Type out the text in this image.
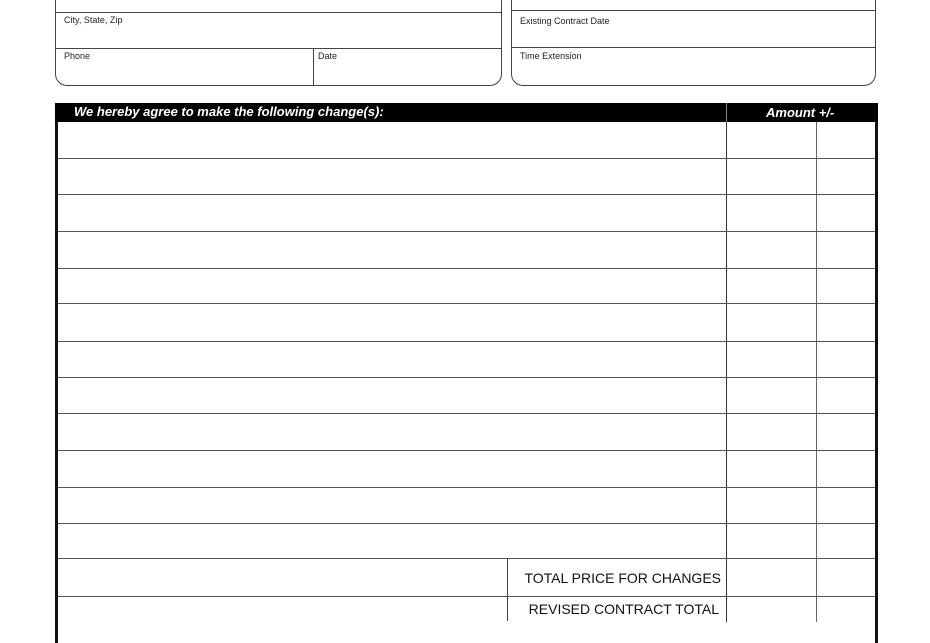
City, State, Zip
Phone	Date
Existing Contract Date
Time Extension
We hereby agree to make the following change(s):	Amount +/-
TOTAL PRICE FOR CHANGES
REVISED CONTRACT TOTAL
